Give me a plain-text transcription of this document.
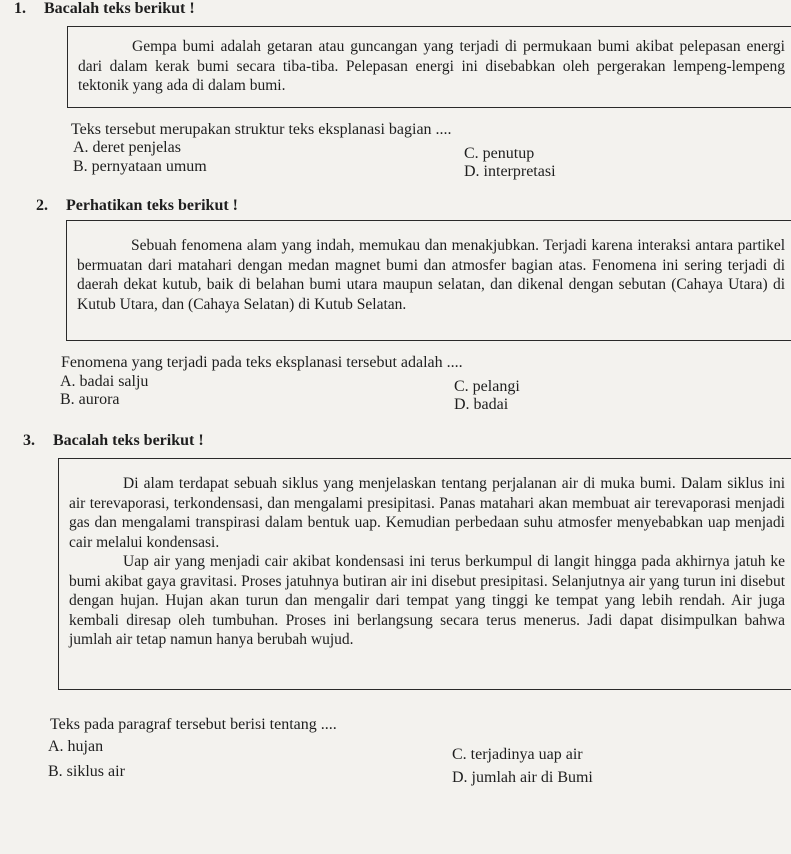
1. Bacalah teks berikut !

Gempa bumi adalah getaran atau guncangan yang terjadi di permukaan bumi akibat pelepasan energi dari dalam kerak bumi secara tiba-tiba. Pelepasan energi ini disebabkan oleh pergerakan lempeng-lempeng tektonik yang ada di dalam bumi.

Teks tersebut merupakan struktur teks eksplanasi bagian ....
A. deret penjelas
B. pernyataan umum
C. penutup
D. interpretasi
2. Perhatikan teks berikut !

Sebuah fenomena alam yang indah, memukau dan menakjubkan. Terjadi karena interaksi antara partikel bermuatan dari matahari dengan medan magnet bumi dan atmosfer bagian atas. Fenomena ini sering terjadi di daerah dekat kutub, baik di belahan bumi utara maupun selatan, dan dikenal dengan sebutan (Cahaya Utara) di Kutub Utara, dan (Cahaya Selatan) di Kutub Selatan.

Fenomena yang terjadi pada teks eksplanasi tersebut adalah ....
A. badai salju
B. aurora
C. pelangi
D. badai
3. Bacalah teks berikut !

Di alam terdapat sebuah siklus yang menjelaskan tentang perjalanan air di muka bumi. Dalam siklus ini air terevaporasi, terkondensasi, dan mengalami presipitasi. Panas matahari akan membuat air terevaporasi menjadi gas dan mengalami transpirasi dalam bentuk uap. Kemudian perbedaan suhu atmosfer menyebabkan uap menjadi cair melalui kondensasi.

Uap air yang menjadi cair akibat kondensasi ini terus berkumpul di langit hingga pada akhirnya jatuh ke bumi akibat gaya gravitasi. Proses jatuhnya butiran air ini disebut presipitasi. Selanjutnya air yang turun ini disebut dengan hujan. Hujan akan turun dan mengalir dari tempat yang tinggi ke tempat yang lebih rendah. Air juga kembali diresap oleh tumbuhan. Proses ini berlangsung secara terus menerus. Jadi dapat disimpulkan bahwa jumlah air tetap namun hanya berubah wujud.

Teks pada paragraf tersebut berisi tentang ....
A. hujan
B. siklus air
C. terjadinya uap air
D. jumlah air di Bumi
